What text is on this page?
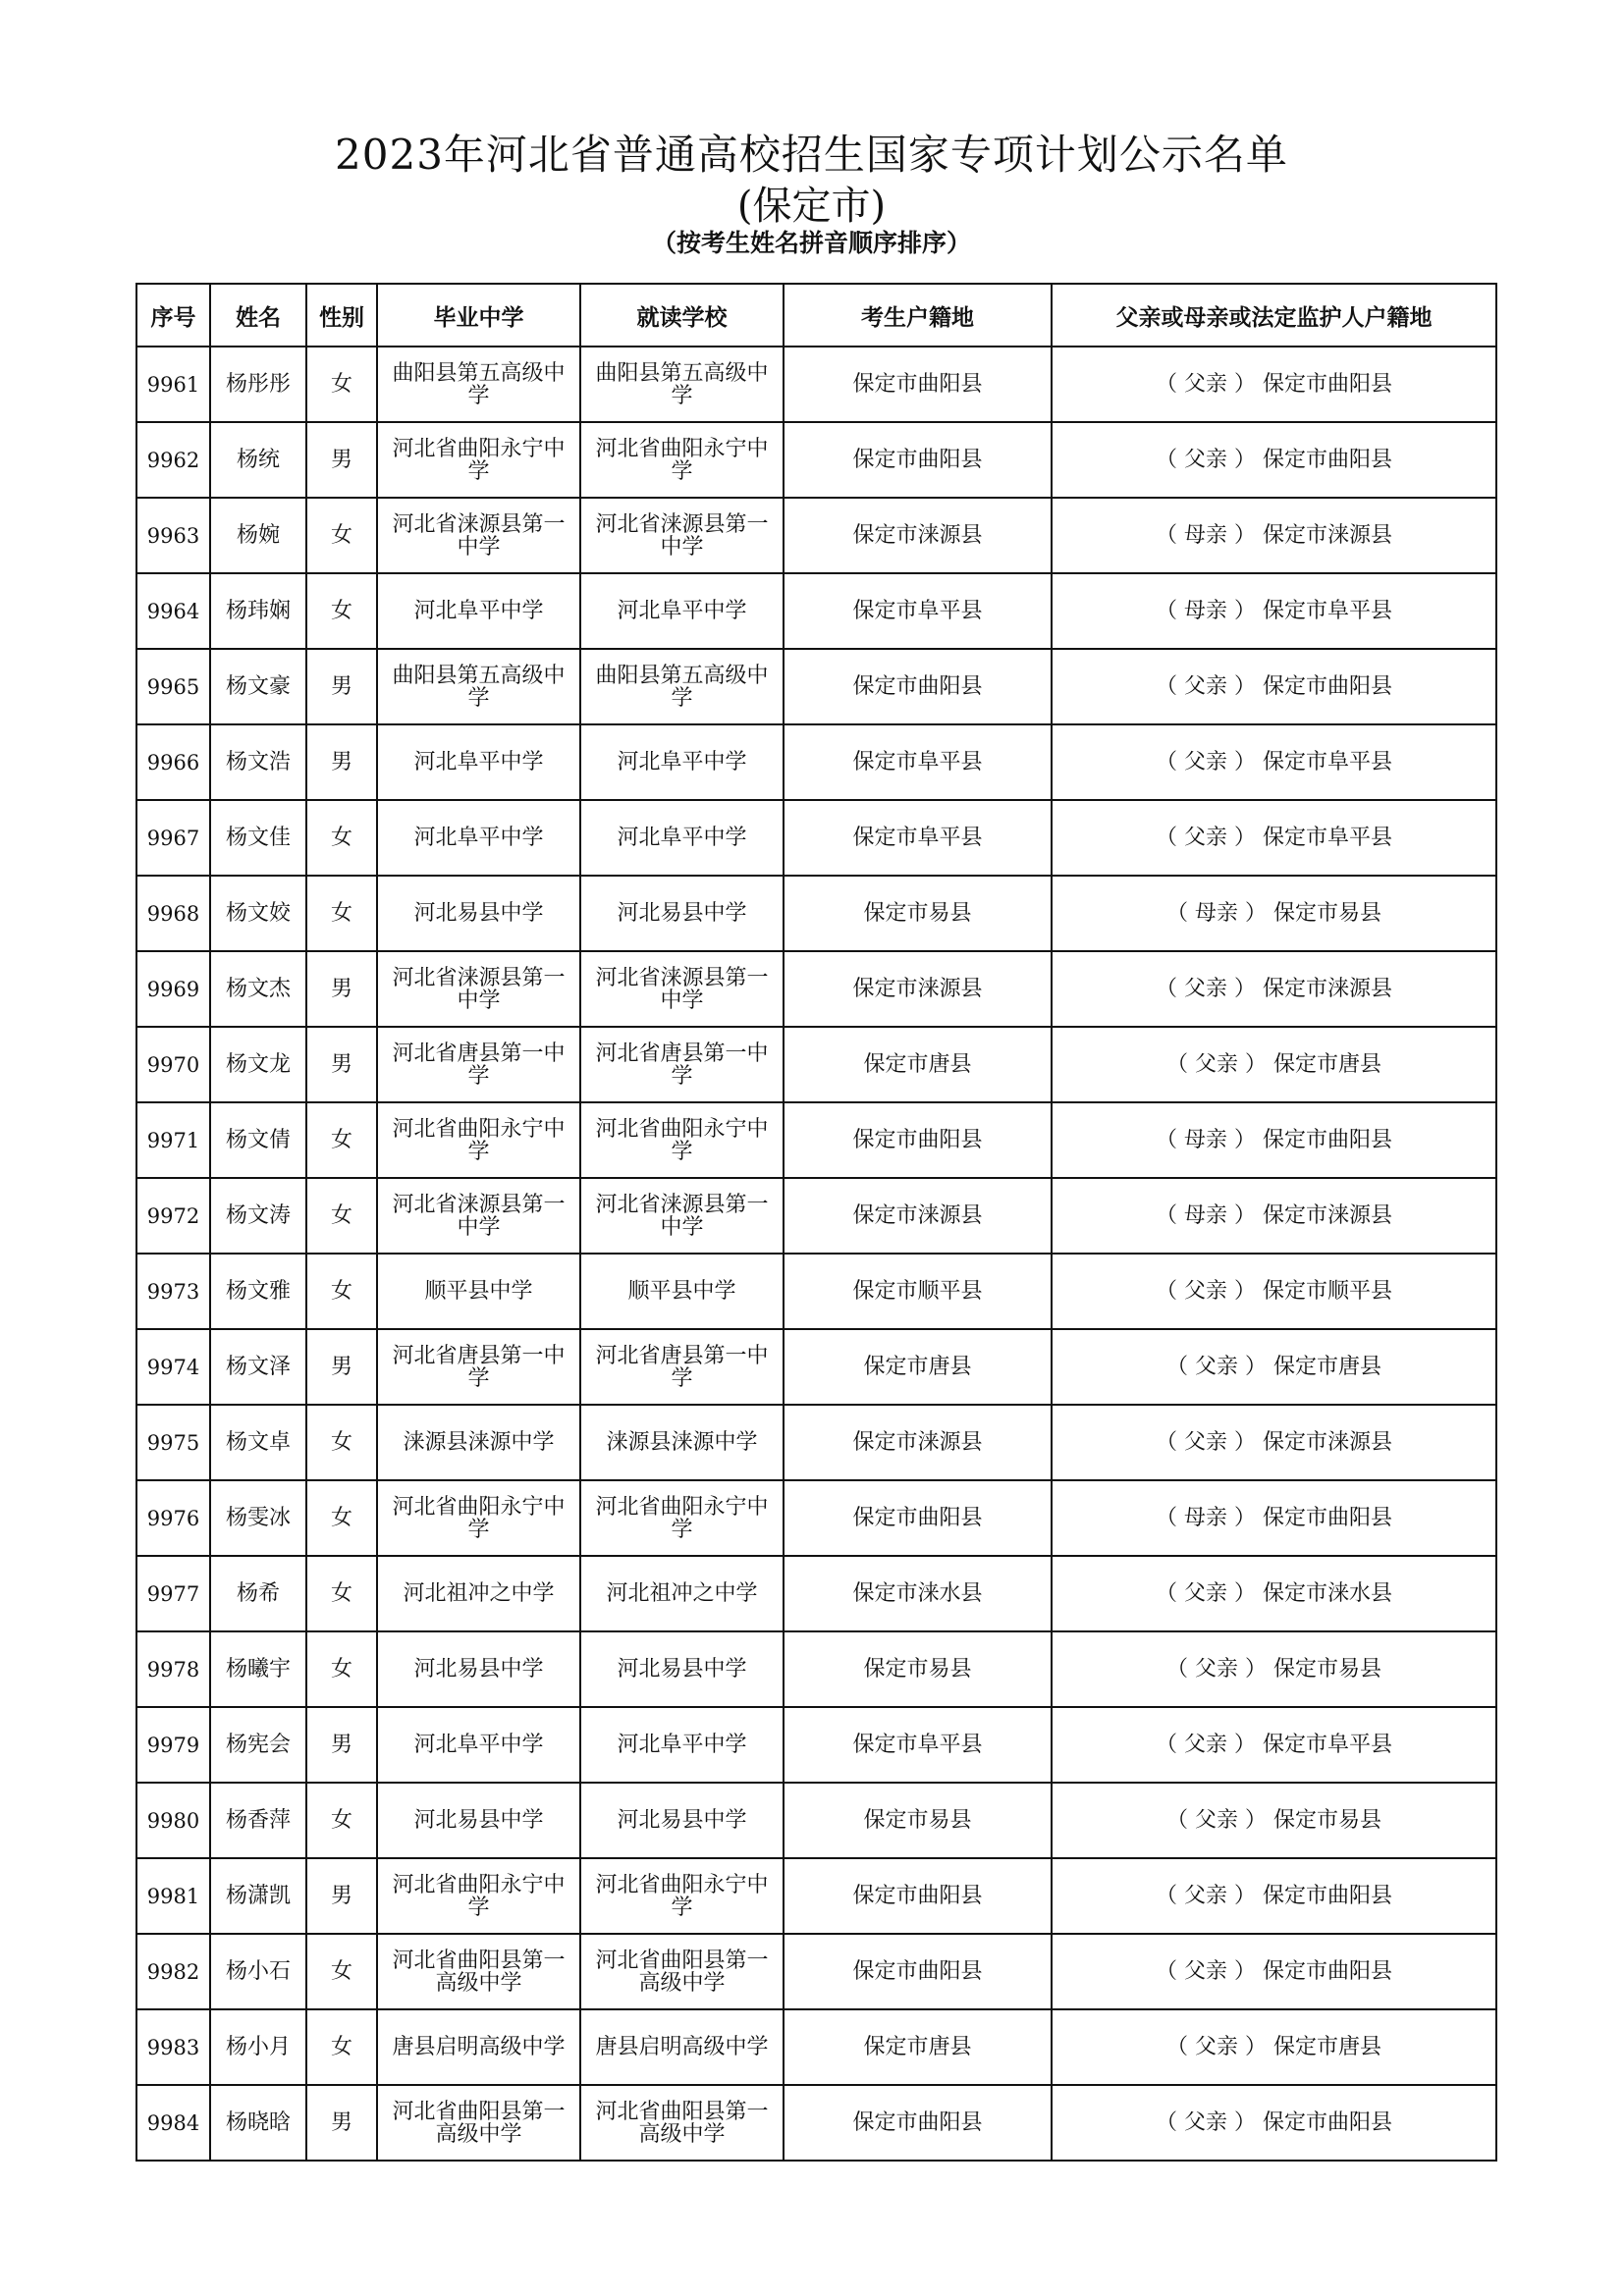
2023年河北省普通高校招生国家专项计划公示名单
(保定市)
（按考生姓名拼音顺序排序）
序号	姓名	性别	毕业中学	就读学校	考生户籍地	父亲或母亲或法定监护人户籍地
9961	杨彤彤	女	曲阳县第五高级中学	曲阳县第五高级中学	保定市曲阳县	（ 父亲 ） 保定市曲阳县
9962	杨统	男	河北省曲阳永宁中学	河北省曲阳永宁中学	保定市曲阳县	（ 父亲 ） 保定市曲阳县
9963	杨婉	女	河北省涞源县第一中学	河北省涞源县第一中学	保定市涞源县	（ 母亲 ） 保定市涞源县
9964	杨玮娴	女	河北阜平中学	河北阜平中学	保定市阜平县	（ 母亲 ） 保定市阜平县
9965	杨文豪	男	曲阳县第五高级中学	曲阳县第五高级中学	保定市曲阳县	（ 父亲 ） 保定市曲阳县
9966	杨文浩	男	河北阜平中学	河北阜平中学	保定市阜平县	（ 父亲 ） 保定市阜平县
9967	杨文佳	女	河北阜平中学	河北阜平中学	保定市阜平县	（ 父亲 ） 保定市阜平县
9968	杨文姣	女	河北易县中学	河北易县中学	保定市易县	（ 母亲 ） 保定市易县
9969	杨文杰	男	河北省涞源县第一中学	河北省涞源县第一中学	保定市涞源县	（ 父亲 ） 保定市涞源县
9970	杨文龙	男	河北省唐县第一中学	河北省唐县第一中学	保定市唐县	（ 父亲 ） 保定市唐县
9971	杨文倩	女	河北省曲阳永宁中学	河北省曲阳永宁中学	保定市曲阳县	（ 母亲 ） 保定市曲阳县
9972	杨文涛	女	河北省涞源县第一中学	河北省涞源县第一中学	保定市涞源县	（ 母亲 ） 保定市涞源县
9973	杨文雅	女	顺平县中学	顺平县中学	保定市顺平县	（ 父亲 ） 保定市顺平县
9974	杨文泽	男	河北省唐县第一中学	河北省唐县第一中学	保定市唐县	（ 父亲 ） 保定市唐县
9975	杨文卓	女	涞源县涞源中学	涞源县涞源中学	保定市涞源县	（ 父亲 ） 保定市涞源县
9976	杨雯冰	女	河北省曲阳永宁中学	河北省曲阳永宁中学	保定市曲阳县	（ 母亲 ） 保定市曲阳县
9977	杨希	女	河北祖冲之中学	河北祖冲之中学	保定市涞水县	（ 父亲 ） 保定市涞水县
9978	杨曦宇	女	河北易县中学	河北易县中学	保定市易县	（ 父亲 ） 保定市易县
9979	杨宪会	男	河北阜平中学	河北阜平中学	保定市阜平县	（ 父亲 ） 保定市阜平县
9980	杨香萍	女	河北易县中学	河北易县中学	保定市易县	（ 父亲 ） 保定市易县
9981	杨潇凯	男	河北省曲阳永宁中学	河北省曲阳永宁中学	保定市曲阳县	（ 父亲 ） 保定市曲阳县
9982	杨小石	女	河北省曲阳县第一高级中学	河北省曲阳县第一高级中学	保定市曲阳县	（ 父亲 ） 保定市曲阳县
9983	杨小月	女	唐县启明高级中学	唐县启明高级中学	保定市唐县	（ 父亲 ） 保定市唐县
9984	杨晓晗	男	河北省曲阳县第一高级中学	河北省曲阳县第一高级中学	保定市曲阳县	（ 父亲 ） 保定市曲阳县
